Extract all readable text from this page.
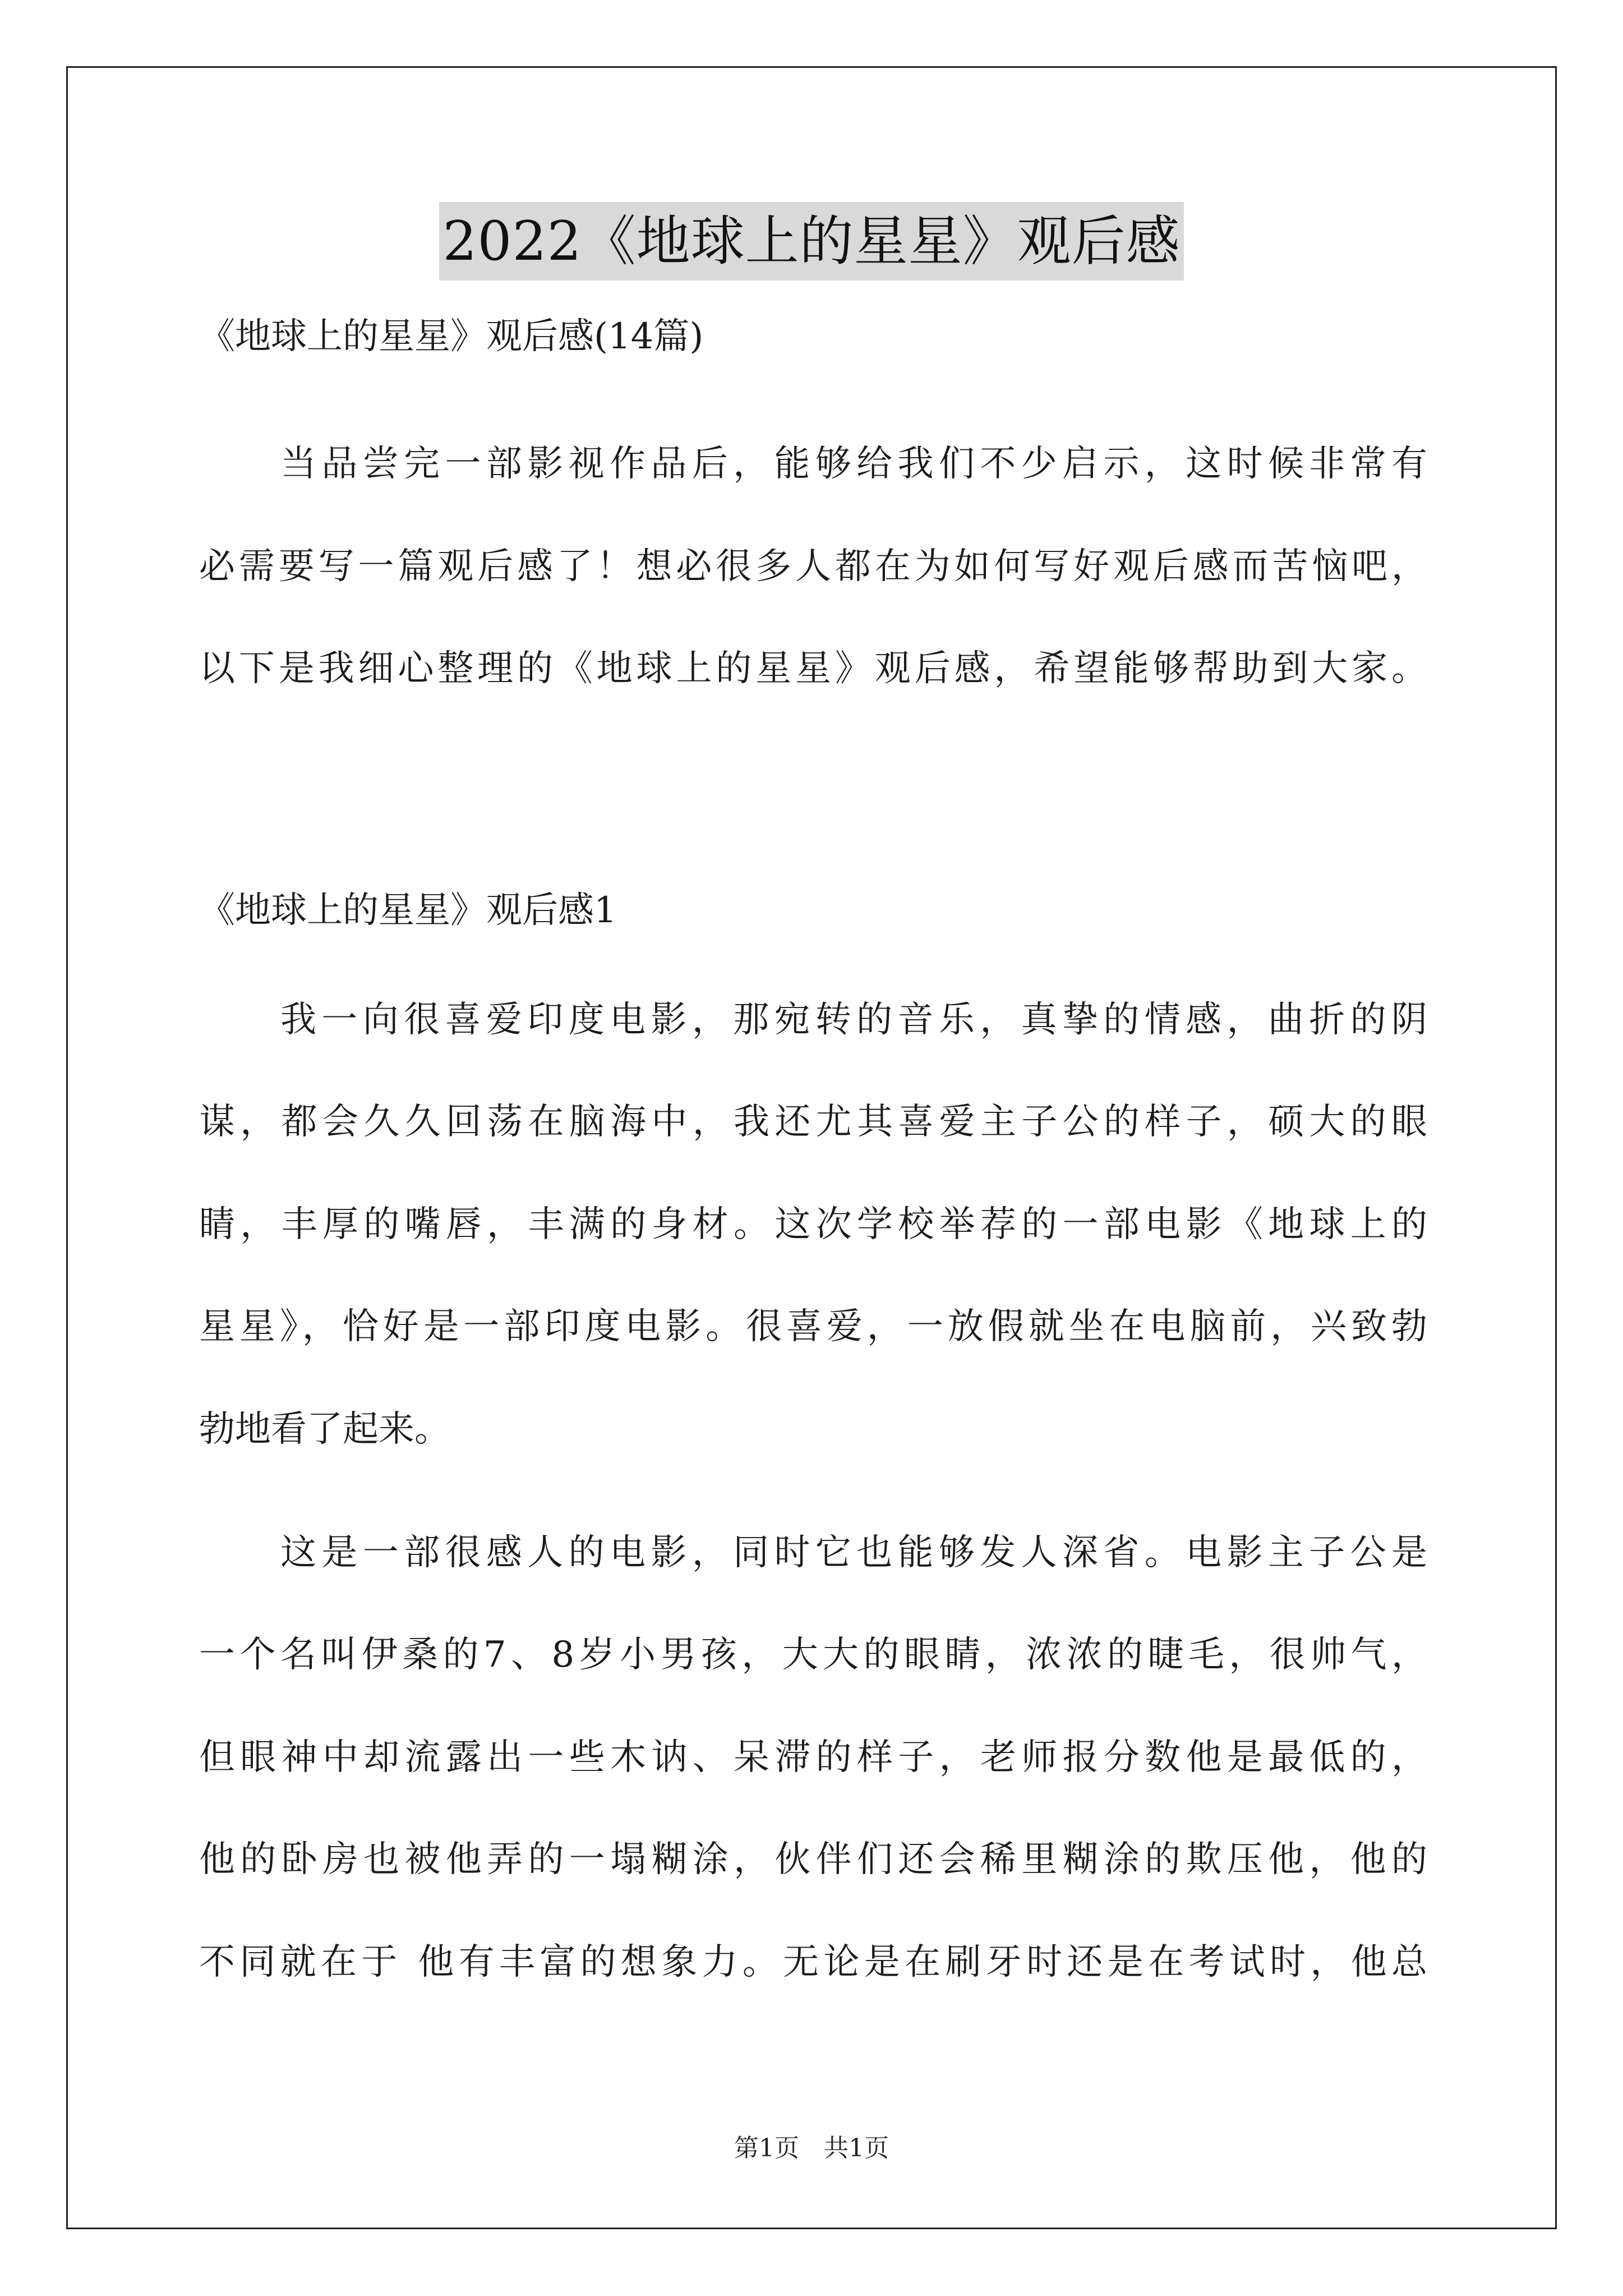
2022《地球上的星星》观后感
《地球上的星星》观后感(14篇)
当品尝完一部影视作品后，能够给我们不少启示，这时候非常有
必需要写一篇观后感了！想必很多人都在为如何写好观后感而苦恼吧，
以下是我细心整理的《地球上的星星》观后感，希望能够帮助到大家。
《地球上的星星》观后感1
我一向很喜爱印度电影，那宛转的音乐，真挚的情感，曲折的阴
谋，都会久久回荡在脑海中，我还尤其喜爱主子公的样子，硕大的眼
睛，丰厚的嘴唇，丰满的身材。这次学校举荐的一部电影《地球上的
星星》，恰好是一部印度电影。很喜爱，一放假就坐在电脑前，兴致勃
勃地看了起来。
这是一部很感人的电影，同时它也能够发人深省。电影主子公是
一个名叫伊桑的7、8岁小男孩，大大的眼睛，浓浓的睫毛，很帅气，
但眼神中却流露出一些木讷、呆滞的样子，老师报分数他是最低的，
他的卧房也被他弄的一塌糊涂，伙伴们还会稀里糊涂的欺压他，他的
不同就在于 他有丰富的想象力。无论是在刷牙时还是在考试时，他总
第1页　共1页
